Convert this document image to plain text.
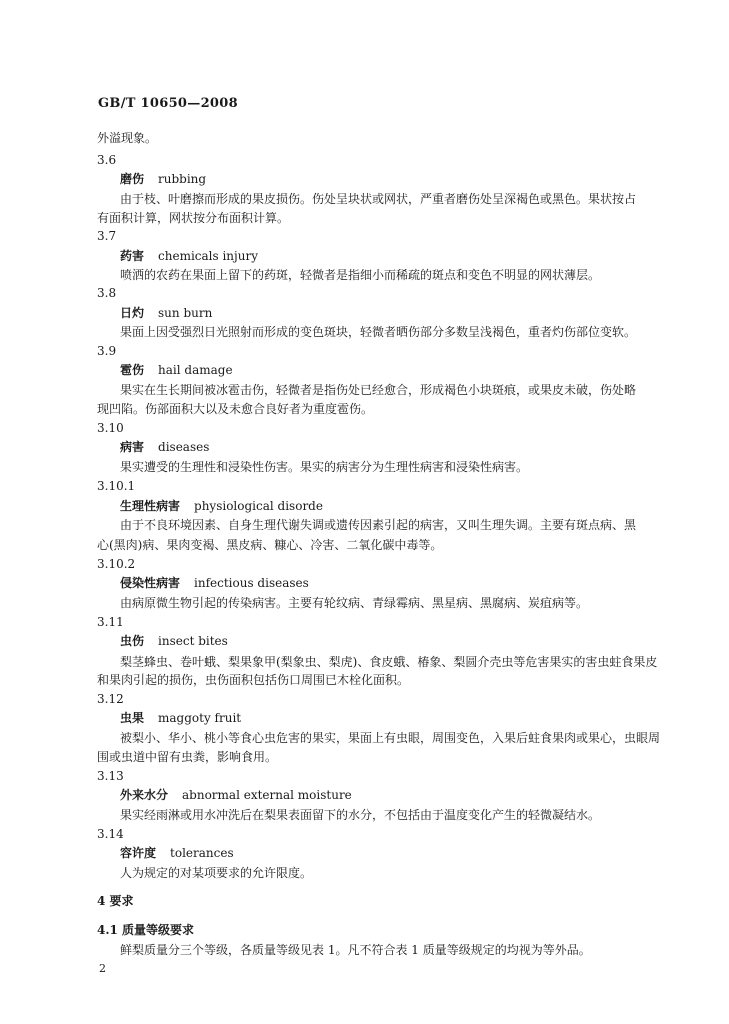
GB/T 10650—2008
外溢现象。
3.6
磨伤 rubbing
由于枝、叶磨擦而形成的果皮损伤。伤处呈块状或网状，严重者磨伤处呈深褐色或黑色。果状按占
有面积计算，网状按分布面积计算。
3.7
药害 chemicals injury
喷洒的农药在果面上留下的药斑，轻微者是指细小而稀疏的斑点和变色不明显的网状薄层。
3.8
日灼 sun burn
果面上因受强烈日光照射而形成的变色斑块，轻微者晒伤部分多数呈浅褐色，重者灼伤部位变软。
3.9
雹伤 hail damage
果实在生长期间被冰雹击伤，轻微者是指伤处已经愈合，形成褐色小块斑痕，或果皮未破，伤处略
现凹陷。伤部面积大以及未愈合良好者为重度雹伤。
3.10
病害 diseases
果实遭受的生理性和浸染性伤害。果实的病害分为生理性病害和浸染性病害。
3.10.1
生理性病害 physiological disorde
由于不良环境因素、自身生理代谢失调或遗传因素引起的病害，又叫生理失调。主要有斑点病、黑
心(黑肉)病、果肉变褐、黑皮病、糠心、冷害、二氧化碳中毒等。
3.10.2
侵染性病害 infectious diseases
由病原微生物引起的传染病害。主要有轮纹病、青绿霉病、黑星病、黑腐病、炭疽病等。
3.11
虫伤 insect bites
梨茎蜂虫、卷叶蛾、梨果象甲(梨象虫、梨虎)、食皮蛾、椿象、梨圆介壳虫等危害果实的害虫蛀食果皮
和果肉引起的损伤，虫伤面积包括伤口周围已木栓化面积。
3.12
虫果 maggoty fruit
被梨小、华小、桃小等食心虫危害的果实，果面上有虫眼，周围变色，入果后蛀食果肉或果心，虫眼周
围或虫道中留有虫粪，影响食用。
3.13
外来水分 abnormal external moisture
果实经雨淋或用水冲洗后在梨果表面留下的水分，不包括由于温度变化产生的轻微凝结水。
3.14
容许度 tolerances
人为规定的对某项要求的允许限度。
4 要求
4.1 质量等级要求
鲜梨质量分三个等级，各质量等级见表 1。凡不符合表 1 质量等级规定的均视为等外品。
2
